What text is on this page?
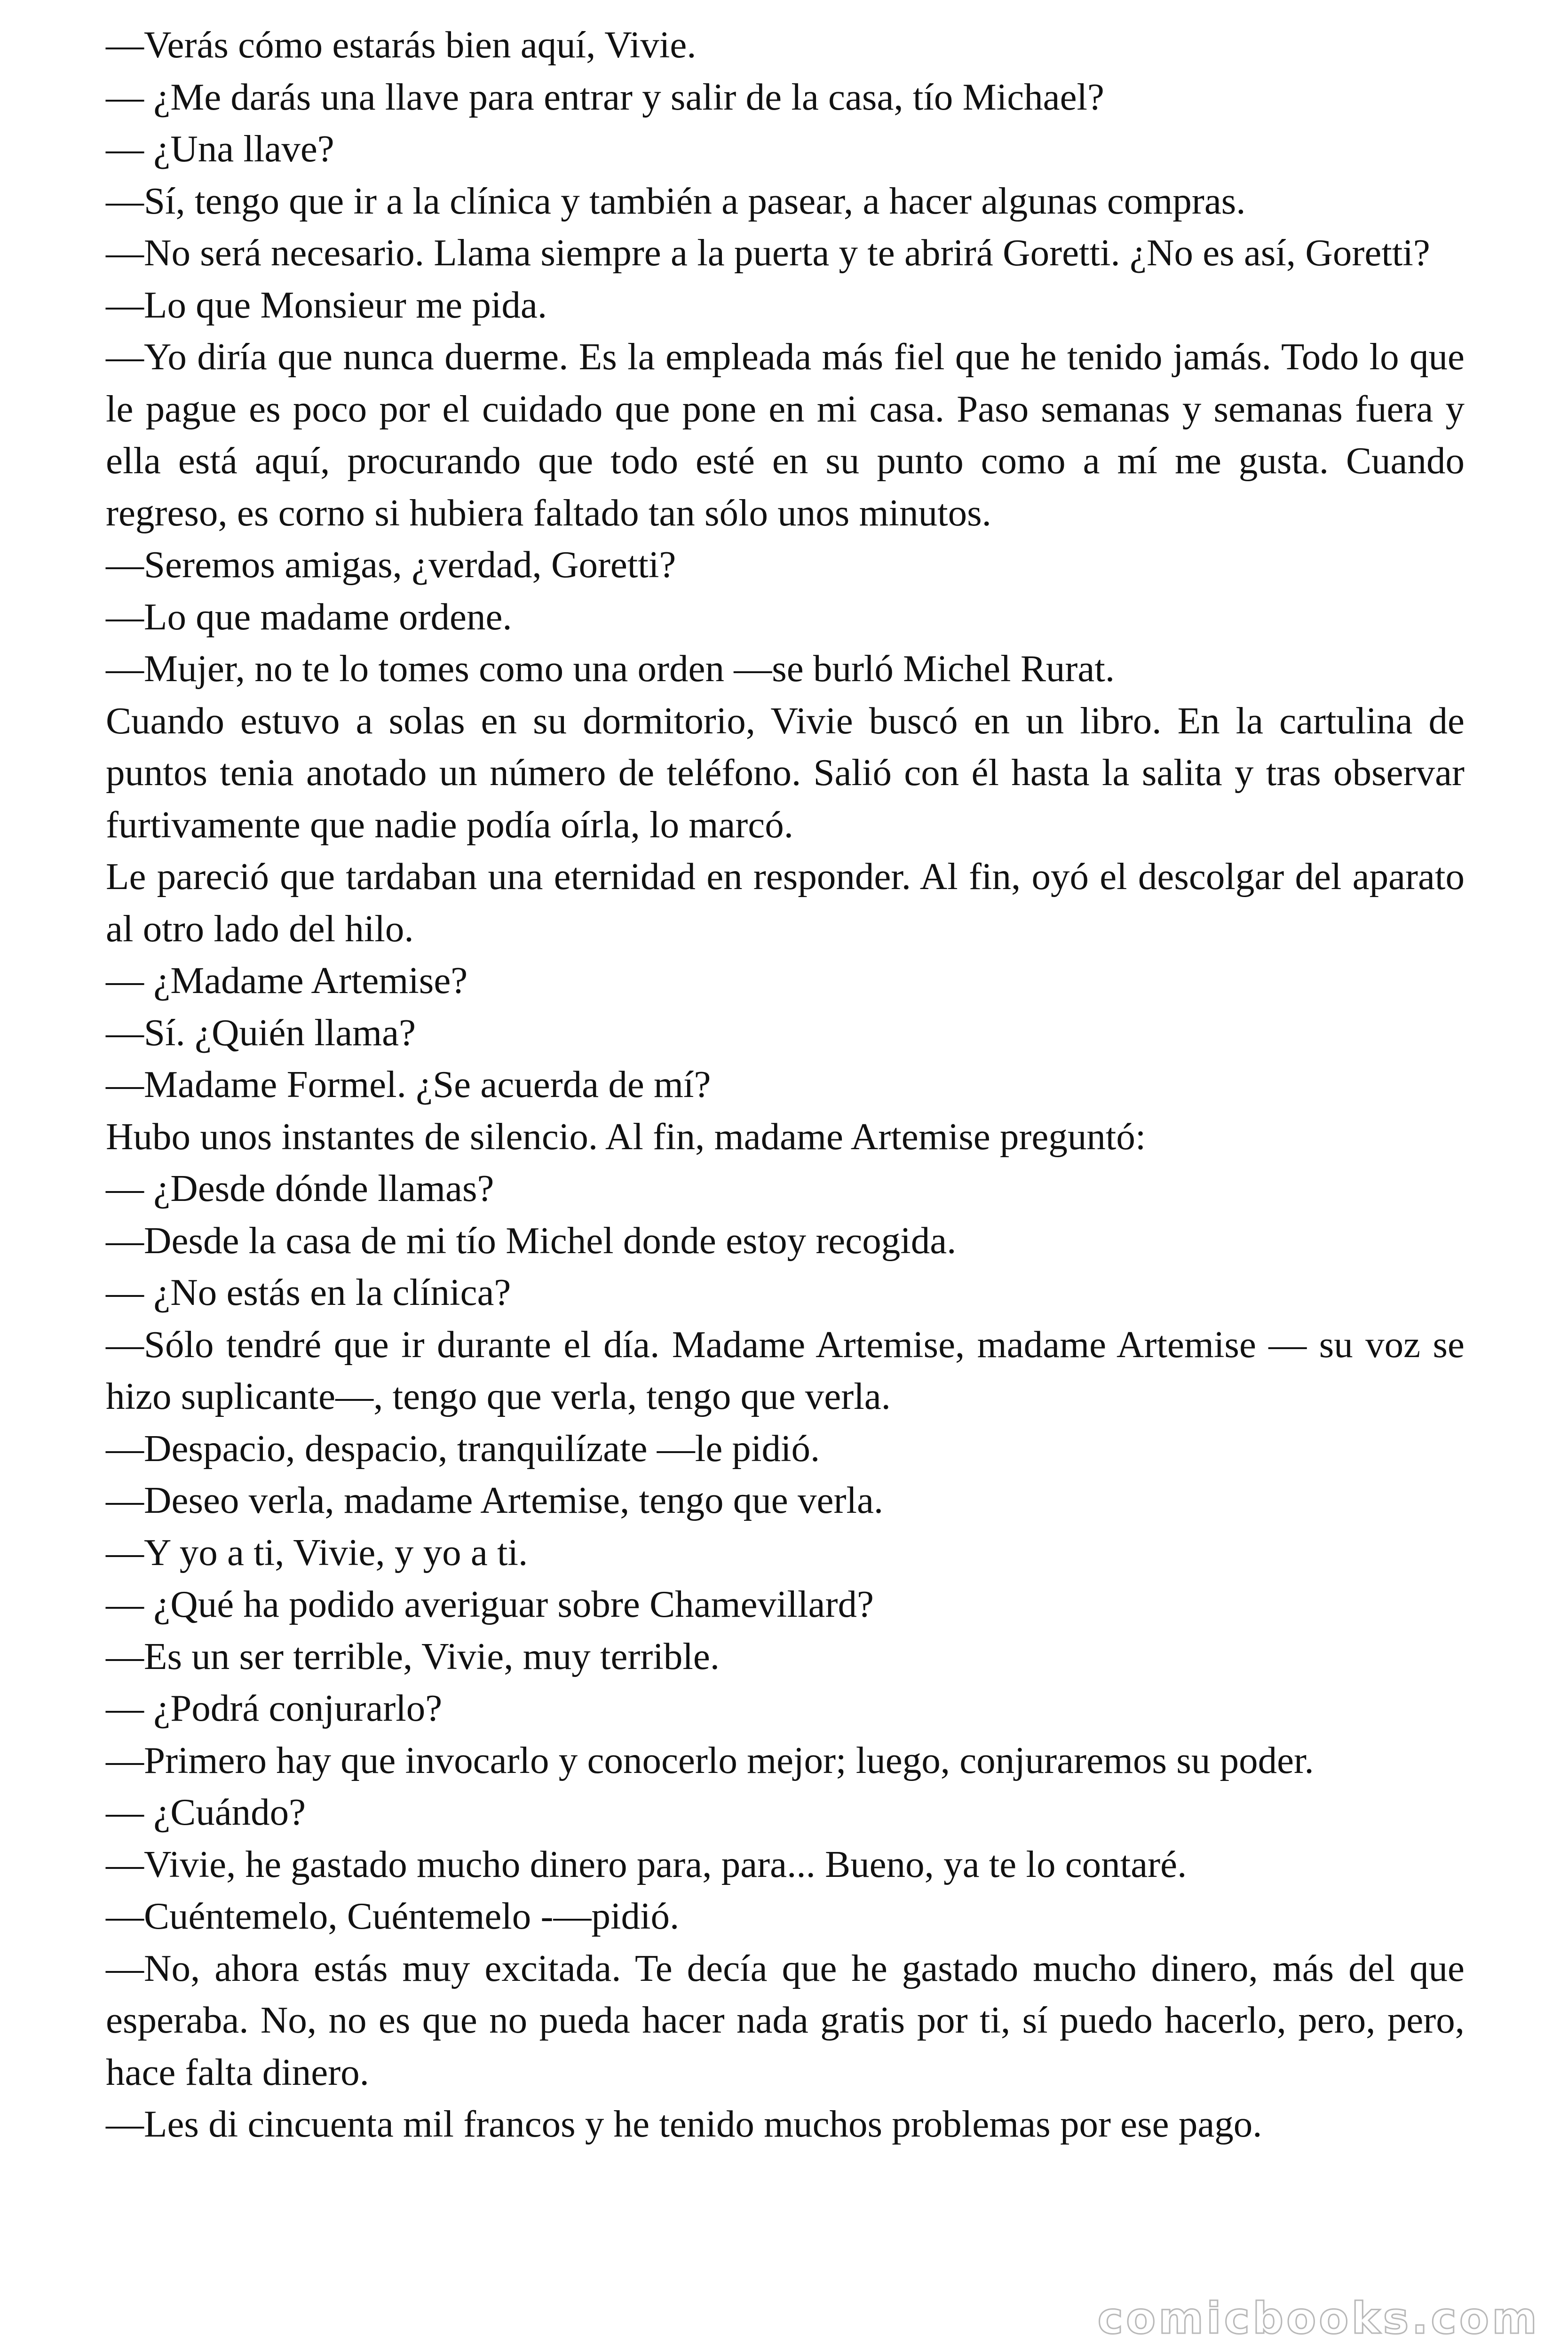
—Verás cómo estarás bien aquí, Vivie.

— ¿Me darás una llave para entrar y salir de la casa, tío Michael?

— ¿Una llave?

—Sí, tengo que ir a la clínica y también a pasear, a hacer algunas compras.

—No será necesario. Llama siempre a la puerta y te abrirá Goretti. ¿No es así, Goretti?

—Lo que Monsieur me pida.

—Yo diría que nunca duerme. Es la empleada más fiel que he tenido jamás. Todo lo que le pague es poco por el cuidado que pone en mi casa. Paso semanas y semanas fuera y ella está aquí, procurando que todo esté en su punto como a mí me gusta. Cuando regreso, es corno si hubiera faltado tan sólo unos minutos.

—Seremos amigas, ¿verdad, Goretti?

—Lo que madame ordene.

—Mujer, no te lo tomes como una orden —se burló Michel Rurat.

Cuando estuvo a solas en su dormitorio, Vivie buscó en un libro. En la cartulina de puntos tenia anotado un número de teléfono. Salió con él hasta la salita y tras observar furtivamente que nadie podía oírla, lo marcó.

Le pareció que tardaban una eternidad en responder. Al fin, oyó el descolgar del aparato al otro lado del hilo.

— ¿Madame Artemise?

—Sí. ¿Quién llama?

—Madame Formel. ¿Se acuerda de mí?

Hubo unos instantes de silencio. Al fin, madame Artemise preguntó:

— ¿Desde dónde llamas?

—Desde la casa de mi tío Michel donde estoy recogida.

— ¿No estás en la clínica?

—Sólo tendré que ir durante el día. Madame Artemise, madame Artemise — su voz se hizo suplicante—, tengo que verla, tengo que verla.

—Despacio, despacio, tranquilízate —le pidió.

—Deseo verla, madame Artemise, tengo que verla.

—Y yo a ti, Vivie, y yo a ti.

— ¿Qué ha podido averiguar sobre Chamevillard?

—Es un ser terrible, Vivie, muy terrible.

— ¿Podrá conjurarlo?

—Primero hay que invocarlo y conocerlo mejor; luego, conjuraremos su poder.

— ¿Cuándo?

—Vivie, he gastado mucho dinero para, para... Bueno, ya te lo contaré.

—Cuéntemelo, Cuéntemelo -—pidió.

—No, ahora estás muy excitada. Te decía que he gastado mucho dinero, más del que esperaba. No, no es que no pueda hacer nada gratis por ti, sí puedo hacerlo, pero, pero, hace falta dinero.

—Les di cincuenta mil francos y he tenido muchos problemas por ese pago.

comicbooks.com
